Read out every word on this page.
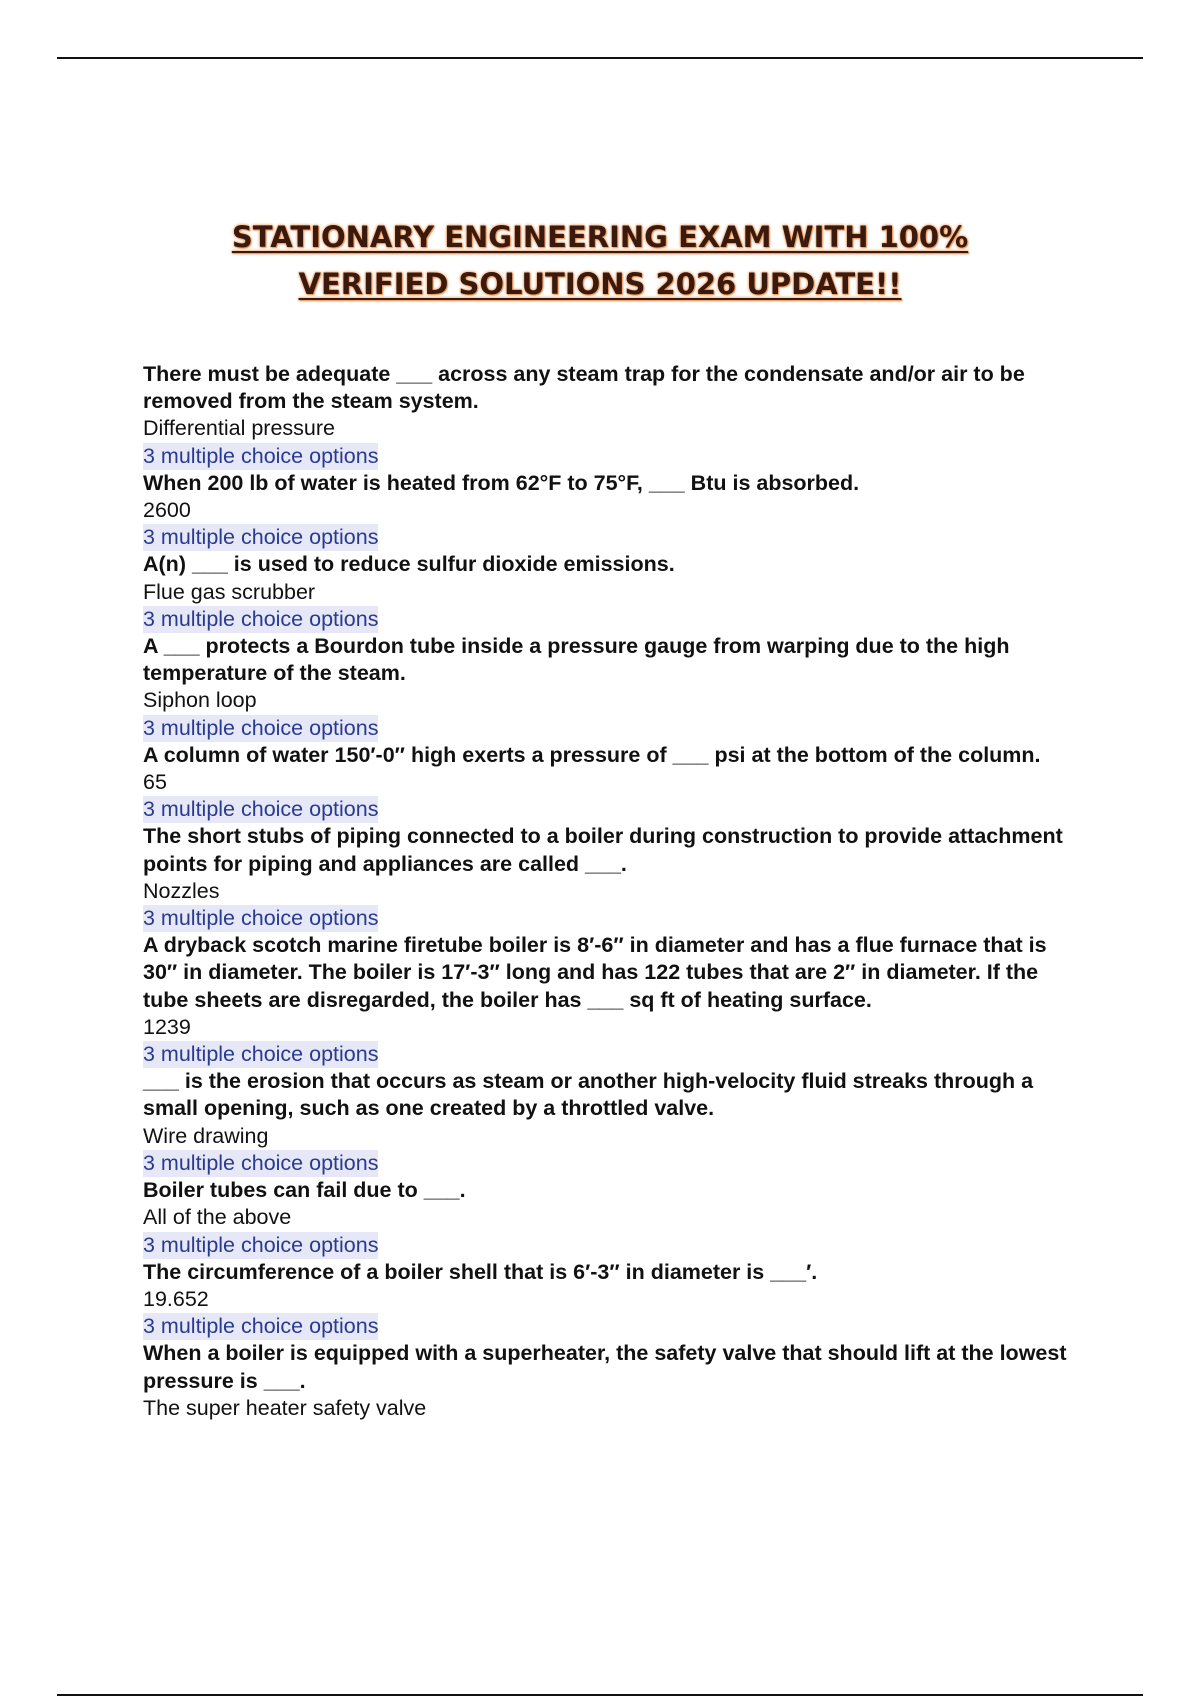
STATIONARY ENGINEERING EXAM WITH 100%
VERIFIED SOLUTIONS 2026 UPDATE!!

There must be adequate ___ across any steam trap for the condensate and/or air to be removed from the steam system.

Differential pressure

3 multiple choice options

When 200 lb of water is heated from 62°F to 75°F, ___ Btu is absorbed.

2600

3 multiple choice options

A(n) ___ is used to reduce sulfur dioxide emissions.

Flue gas scrubber

3 multiple choice options

A ___ protects a Bourdon tube inside a pressure gauge from warping due to the high temperature of the steam.

Siphon loop

3 multiple choice options

A column of water 150′-0″ high exerts a pressure of ___ psi at the bottom of the column.

65

3 multiple choice options

The short stubs of piping connected to a boiler during construction to provide attachment points for piping and appliances are called ___.

Nozzles

3 multiple choice options

A dryback scotch marine firetube boiler is 8′-6″ in diameter and has a flue furnace that is 30″ in diameter. The boiler is 17′-3″ long and has 122 tubes that are 2″ in diameter. If the tube sheets are disregarded, the boiler has ___ sq ft of heating surface.

1239

3 multiple choice options

___ is the erosion that occurs as steam or another high-velocity fluid streaks through a small opening, such as one created by a throttled valve.

Wire drawing

3 multiple choice options

Boiler tubes can fail due to ___.

All of the above

3 multiple choice options

The circumference of a boiler shell that is 6′-3″ in diameter is ___′.

19.652

3 multiple choice options

When a boiler is equipped with a superheater, the safety valve that should lift at the lowest pressure is ___.

The super heater safety valve
